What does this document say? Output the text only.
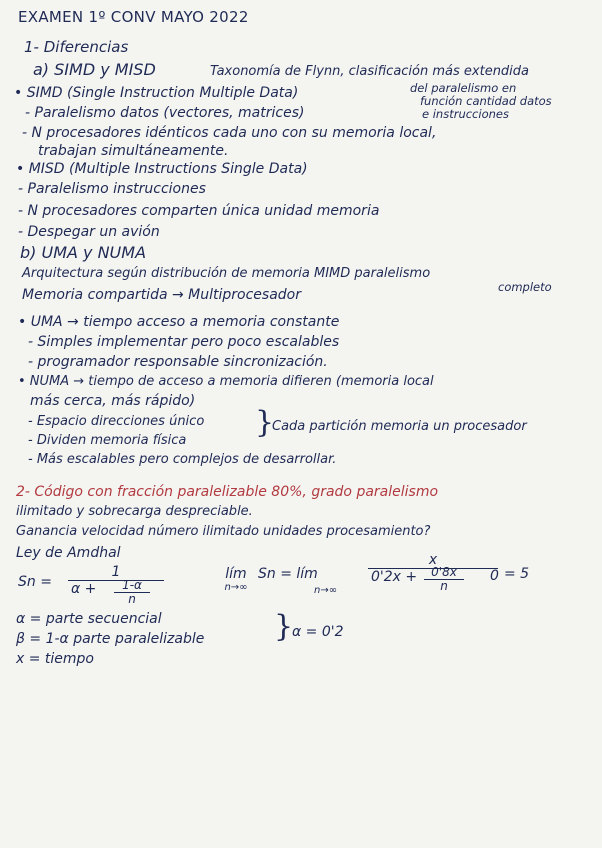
EXAMEN 1º CONV MAYO 2022
1- Diferencias
a) SIMD y MISD	Taxonomía de Flynn, clasificación más extendida
• SIMD (Single Instruction Multiple Data)	del paralelismo en
función cantidad datos
e instrucciones
- Paralelismo datos (vectores, matrices)
- N procesadores idénticos cada uno con su memoria local,
trabajan simultáneamente.
• MISD (Multiple Instructions Single Data)
- Paralelismo instrucciones
- N procesadores comparten única unidad memoria
- Despegar un avión
b) UMA y NUMA
Arquitectura según distribución de memoria MIMD paralelismo
completo
Memoria compartida → Multiprocesador
• UMA → tiempo acceso a memoria constante
- Simples implementar pero poco escalables
- programador responsable sincronización.
• NUMA → tiempo de acceso a memoria difieren (memoria local
más cerca, más rápido)
- Espacio direcciones único
- Dividen memoria física
}
Cada partición memoria un procesador
- Más escalables pero complejos de desarrollar.
2- Código con fracción paralelizable 80%, grado paralelismo
ilimitado y sobrecarga despreciable.
Ganancia velocidad número ilimitado unidades procesamiento?
Ley de Amdhal
$Sn = \frac{1}{\alpha +}$
$\frac{1-\alpha}{n}$
lím
n→∞
Sn = lím
n→∞
$\frac{x}{0'2x +}$
$\frac{0'8x}{n} 0 = 5$
α = parte secuencial
β = 1-α parte paralelizable }
α = 0'2
x = tiempo
